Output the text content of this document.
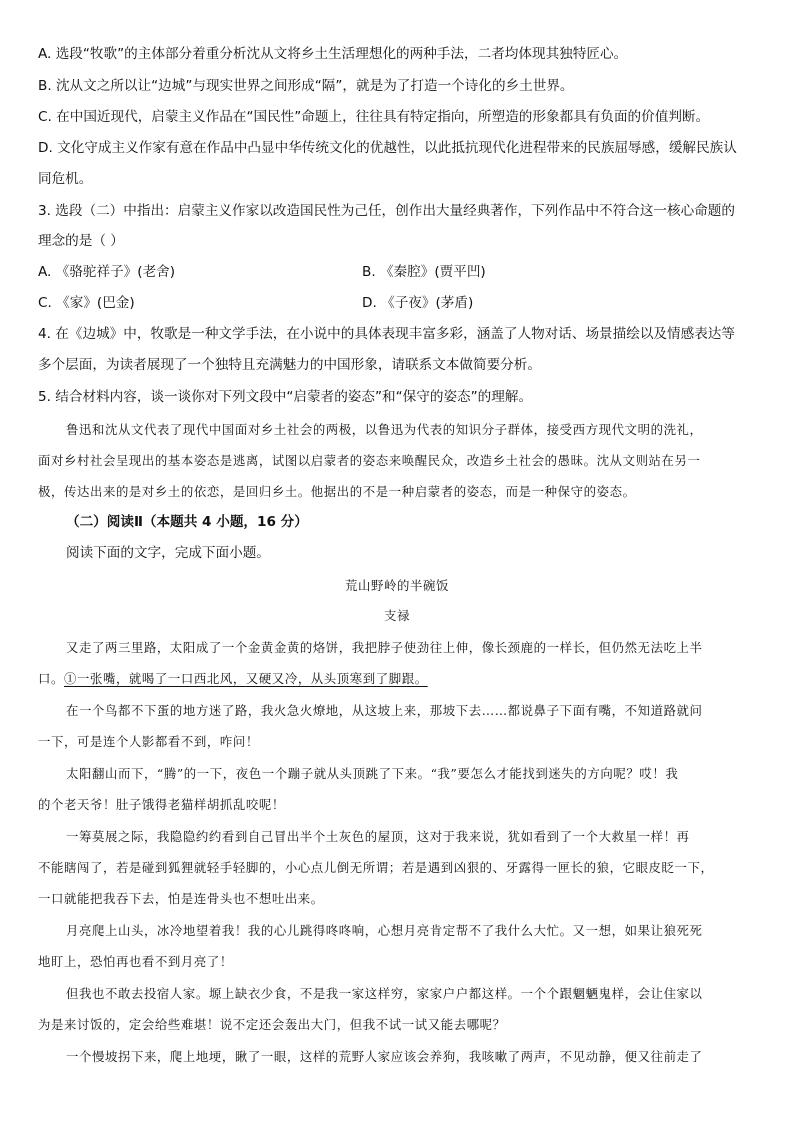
A. 选段“牧歌”的主体部分着重分析沈从文将乡土生活理想化的两种手法，二者均体现其独特匠心。
B. 沈从文之所以让“边城”与现实世界之间形成“隔”，就是为了打造一个诗化的乡土世界。
C. 在中国近现代，启蒙主义作品在“国民性”命题上，往往具有特定指向，所塑造的形象都具有负面的价值判断。
D. 文化守成主义作家有意在作品中凸显中华传统文化的优越性，以此抵抗现代化进程带来的民族屈辱感，缓解民族认
同危机。
3. 选段（二）中指出：启蒙主义作家以改造国民性为己任，创作出大量经典著作，下列作品中不符合这一核心命题的
理念的是（ ）
A. 《骆驼祥子》(老舍)	B. 《秦腔》(贾平凹)
C. 《家》(巴金)	D. 《子夜》(茅盾)
4. 在《边城》中，牧歌是一种文学手法，在小说中的具体表现丰富多彩，涵盖了人物对话、场景描绘以及情感表达等
多个层面，为读者展现了一个独特且充满魅力的中国形象，请联系文本做简要分析。
5. 结合材料内容，谈一谈你对下列文段中“启蒙者的姿态”和“保守的姿态”的理解。
鲁迅和沈从文代表了现代中国面对乡土社会的两极，以鲁迅为代表的知识分子群体，接受西方现代文明的洗礼，
面对乡村社会呈现出的基本姿态是逃离，试图以启蒙者的姿态来唤醒民众，改造乡土社会的愚昧。沈从文则站在另一
极，传达出来的是对乡土的依恋，是回归乡土。他据出的不是一种启蒙者的姿态，而是一种保守的姿态。
（二）阅读Ⅱ（本题共 4 小题，16 分）
阅读下面的文字，完成下面小题。
荒山野岭的半碗饭
支禄
又走了两三里路，太阳成了一个金黄金黄的烙饼，我把脖子使劲往上伸，像长颈鹿的一样长，但仍然无法吃上半
口。①一张嘴，就喝了一口西北风，又硬又冷，从头顶寒到了脚跟。
在一个鸟都不下蛋的地方迷了路，我火急火燎地，从这坡上来，那坡下去……都说鼻子下面有嘴，不知道路就问
一下，可是连个人影都看不到，咋问！
太阳翻山而下，“腾”的一下，夜色一个蹦子就从头顶跳了下来。“我”要怎么才能找到迷失的方向呢？哎！我
的个老天爷！肚子饿得老猫样胡抓乱咬呢！
一筹莫展之际，我隐隐约约看到自己冒出半个土灰色的屋顶，这对于我来说，犹如看到了一个大救星一样！再
不能瞎闯了，若是碰到狐狸就轻手轻脚的，小心点儿倒无所谓；若是遇到凶狠的、牙露得一匣长的狼，它眼皮眨一下，
一口就能把我吞下去，怕是连骨头也不想吐出来。
月亮爬上山头，冰冷地望着我！我的心儿跳得咚咚响，心想月亮肯定帮不了我什么大忙。又一想，如果让狼死死
地盯上，恐怕再也看不到月亮了！
但我也不敢去投宿人家。塬上缺衣少食，不是我一家这样穷，家家户户都这样。一个个跟魍魉鬼样，会让住家以
为是来讨饭的，定会给些难堪！说不定还会轰出大门，但我不试一试又能去哪呢？
一个慢坡拐下来，爬上地埂，瞅了一眼，这样的荒野人家应该会养狗，我咳嗽了两声，不见动静，便又往前走了
